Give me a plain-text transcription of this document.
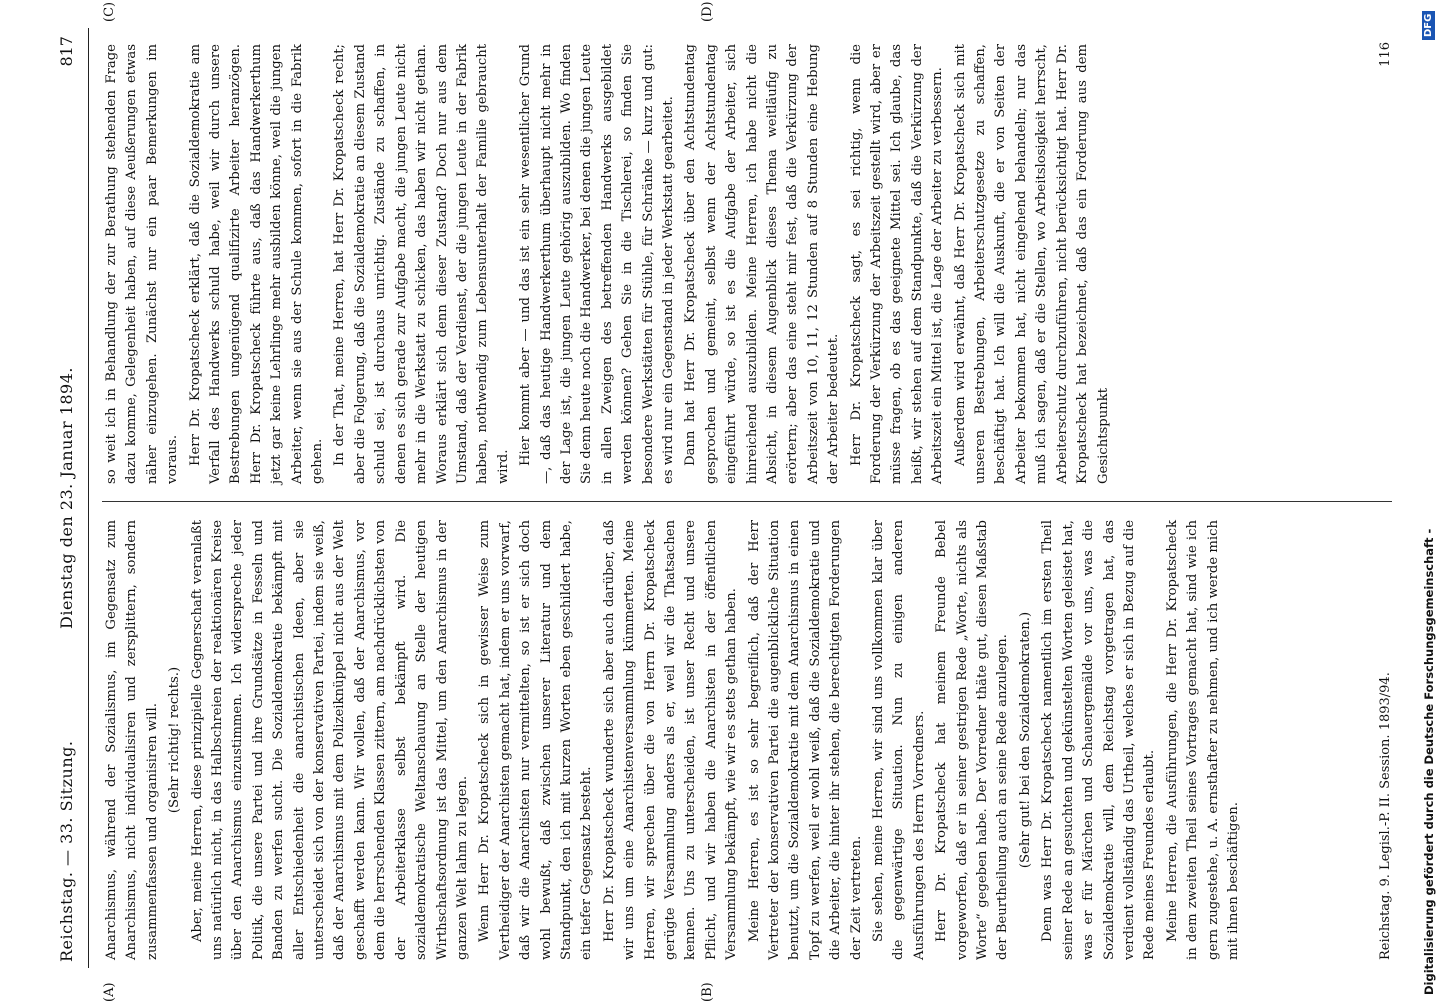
Reichstag. — 33. Sitzung.
Dienstag den 23. Januar 1894.
817
(A)	(B)
(C)	(D)

Anarchismus, während der Sozialismus, im Gegensatz zum Anarchismus, nicht individualisiren und zersplittern, sondern zusammenfassen und organisiren will. (Sehr richtig! rechts.) Aber, meine Herren, diese prinzipielle Gegnerschaft veranlaßt uns natürlich nicht, in das Halbschreien der reaktionären Kreise über den Anarchismus einzustimmen. Ich widerspreche jeder Politik, die unsere Partei und ihre Grundsätze in Fesseln und Banden zu werfen sucht. Die Sozialdemokratie bekämpft mit aller Entschiedenheit die anarchistischen Ideen, aber sie unterscheidet sich von der konservativen Partei, indem sie weiß, daß der Anarchismus mit dem Polizeiknüppel nicht aus der Welt geschafft werden kann. Wir wollen, daß der Anarchismus, vor dem die herrschenden Klassen zittern, am nachdrücklichsten von der Arbeiterklasse selbst bekämpft wird. Die sozialdemokratische Weltanschauung an Stelle der heutigen Wirthschaftsordnung ist das Mittel, um den Anarchismus in der ganzen Welt lahm zu legen. Wenn Herr Dr. Kropatscheck sich in gewisser Weise zum Vertheidiger der Anarchisten gemacht hat, indem er uns vorwarf, daß wir die Anarchisten nur vermittelten, so ist er sich doch wohl bewußt, daß zwischen unserer Literatur und dem Standpunkt, den ich mit kurzen Worten eben geschildert habe, ein tiefer Gegensatz besteht. Herr Dr. Kropatscheck wunderte sich aber auch darüber, daß wir uns um eine Anarchistenversammlung kümmerten. Meine Herren, wir sprechen über die von Herrn Dr. Kropatscheck gerügte Versammlung anders als er, weil wir die Thatsachen kennen. Uns zu unterscheiden, ist unser Recht und unsere Pflicht, und wir haben die Anarchisten in der öffentlichen Versammlung bekämpft, wie wir es stets gethan haben. Meine Herren, es ist so sehr begreiflich, daß der Herr Vertreter der konservativen Partei die augenblickliche Situation benutzt, um die Sozialdemokratie mit dem Anarchismus in einen Topf zu werfen, weil er wohl weiß, daß die Sozialdemokratie und die Arbeiter, die hinter ihr stehen, die berechtigten Forderungen der Zeit vertreten. Sie sehen, meine Herren, wir sind uns vollkommen klar über die gegenwärtige Situation. Nun zu einigen anderen Ausführungen des Herrn Vorredners. Herr Dr. Kropatscheck hat meinem Freunde Bebel vorgeworfen, daß er in seiner gestrigen Rede „Worte, nichts als Worte“ gegeben habe. Der Vorredner thäte gut, diesen Maßstab der Beurtheilung auch an seine Rede anzulegen. (Sehr gut! bei den Sozialdemokraten.) Denn was Herr Dr. Kropatscheck namentlich im ersten Theil seiner Rede an gesuchten und gekünstelten Worten geleistet hat, was er für Märchen und Schauergemälde vor uns, was die Sozialdemokratie will, dem Reichstag vorgetragen hat, das verdient vollständig das Urtheil, welches er sich in Bezug auf die Rede meines Freundes erlaubt. Meine Herren, die Ausführungen, die Herr Dr. Kropatscheck in dem zweiten Theil seines Vortrages gemacht hat, sind wie ich gern zugestehe, u. A. ernsthafter zu nehmen, und ich werde mich mit ihnen beschäftigen.

so weit ich in Behandlung der zur Berathung stehenden Frage dazu komme, Gelegenheit haben, auf diese Aeußerungen etwas näher einzugehen. Zunächst nur ein paar Bemerkungen im voraus. Herr Dr. Kropatscheck erklärt, daß die Sozialdemokratie am Verfall des Handwerks schuld habe, weil wir durch unsere Bestrebungen ungenügend qualifizirte Arbeiter heranzögen. Herr Dr. Kropatscheck führte aus, daß das Handwerkerthum jetzt gar keine Lehrlinge mehr ausbilden könne, weil die jungen Arbeiter, wenn sie aus der Schule kommen, sofort in die Fabrik gehen. In der That, meine Herren, hat Herr Dr. Kropatscheck recht; aber die Folgerung, daß die Sozialdemokratie an diesem Zustand schuld sei, ist durchaus unrichtig. Zustände zu schaffen, in denen es sich gerade zur Aufgabe macht, die jungen Leute nicht mehr in die Werkstatt zu schicken, das haben wir nicht gethan. Woraus erklärt sich denn dieser Zustand? Doch nur aus dem Umstand, daß der Verdienst, der die jungen Leute in der Fabrik haben, nothwendig zum Lebensunterhalt der Familie gebraucht wird.

Hier kommt aber — und das ist ein sehr wesentlicher Grund —, daß das heutige Handwerkerthum überhaupt nicht mehr in der Lage ist, die jungen Leute gehörig auszubilden. Wo finden Sie denn heute noch die Handwerker, bei denen die jungen Leute in allen Zweigen des betreffenden Handwerks ausgebildet werden können? Gehen Sie in die Tischlerei, so finden Sie besondere Werkstätten für Stühle, für Schränke — kurz und gut: es wird nur ein Gegenstand in jeder Werkstatt gearbeitet. Dann hat Herr Dr. Kropatscheck über den Achtstundentag gesprochen und gemeint, selbst wenn der Achtstundentag eingeführt würde, so ist es die Aufgabe der Arbeiter, sich hinreichend auszubilden. Meine Herren, ich habe nicht die Absicht, in diesem Augenblick dieses Thema weitläufig zu erörtern; aber das eine steht mir fest, daß die Verkürzung der Arbeitszeit von 10, 11, 12 Stunden auf 8 Stunden eine Hebung der Arbeiter bedeutet. Herr Dr. Kropatscheck sagt, es sei richtig, wenn die Forderung der Verkürzung der Arbeitszeit gestellt wird, aber er müsse fragen, ob es das geeignete Mittel sei. Ich glaube, das heißt, wir stehen auf dem Standpunkte, daß die Verkürzung der Arbeitszeit ein Mittel ist, die Lage der Arbeiter zu verbessern. Außerdem wird erwähnt, daß Herr Dr. Kropatscheck sich mit unseren Bestrebungen, Arbeiterschutzgesetze zu schaffen, beschäftigt hat. Ich will die Auskunft, die er von Seiten der Arbeiter bekommen hat, nicht eingehend behandeln; nur das muß ich sagen, daß er die Stellen, wo Arbeitslosigkeit herrscht, Arbeiterschutz durchzuführen, nicht berücksichtigt hat. Herr Dr. Kropatscheck hat bezeichnet, daß das ein Forderung aus dem Gesichtspunkt

Reichstag. 9. Legisl.-P. II. Session. 1893/94.
116
Digitalisierung gefördert durch die Deutsche Forschungsgemeinschaft -
DFG
